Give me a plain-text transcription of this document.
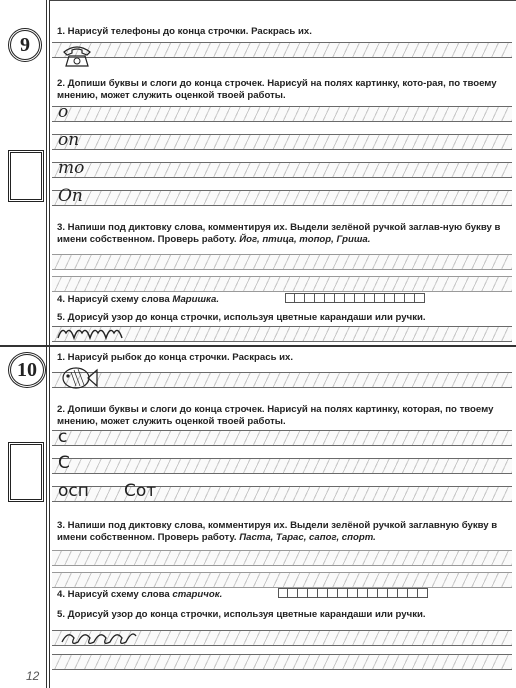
9
1. Нарисуй телефоны до конца строчки. Раскрась их.
2. Допиши буквы и слоги до конца строчек. Нарисуй на полях картинку, кото-рая, по твоему мнению, может служить оценкой твоей работы.
о
оп
то
Оп
3. Напиши под диктовку слова, комментируя их. Выдели зелёной ручкой заглав-ную букву в имени собственном. Проверь работу. Йог, птица, топор, Гриша.
4. Нарисуй схему слова Маришка.
5. Дорисуй узор до конца строчки, используя цветные карандаши или ручки.
10
1. Нарисуй рыбок до конца строчки. Раскрась их.
2. Допиши буквы и слоги до конца строчек. Нарисуй на полях картинку, которая, по твоему мнению, может служить оценкой твоей работы.
с
С
осп Сот
3. Напиши под диктовку слова, комментируя их. Выдели зелёной ручкой заглавную букву в имени собственном. Проверь работу. Паста, Тарас, сапог, спорт.
4. Нарисуй схему слова старичок.
5. Дорисуй узор до конца строчки, используя цветные карандаши или ручки.
12
